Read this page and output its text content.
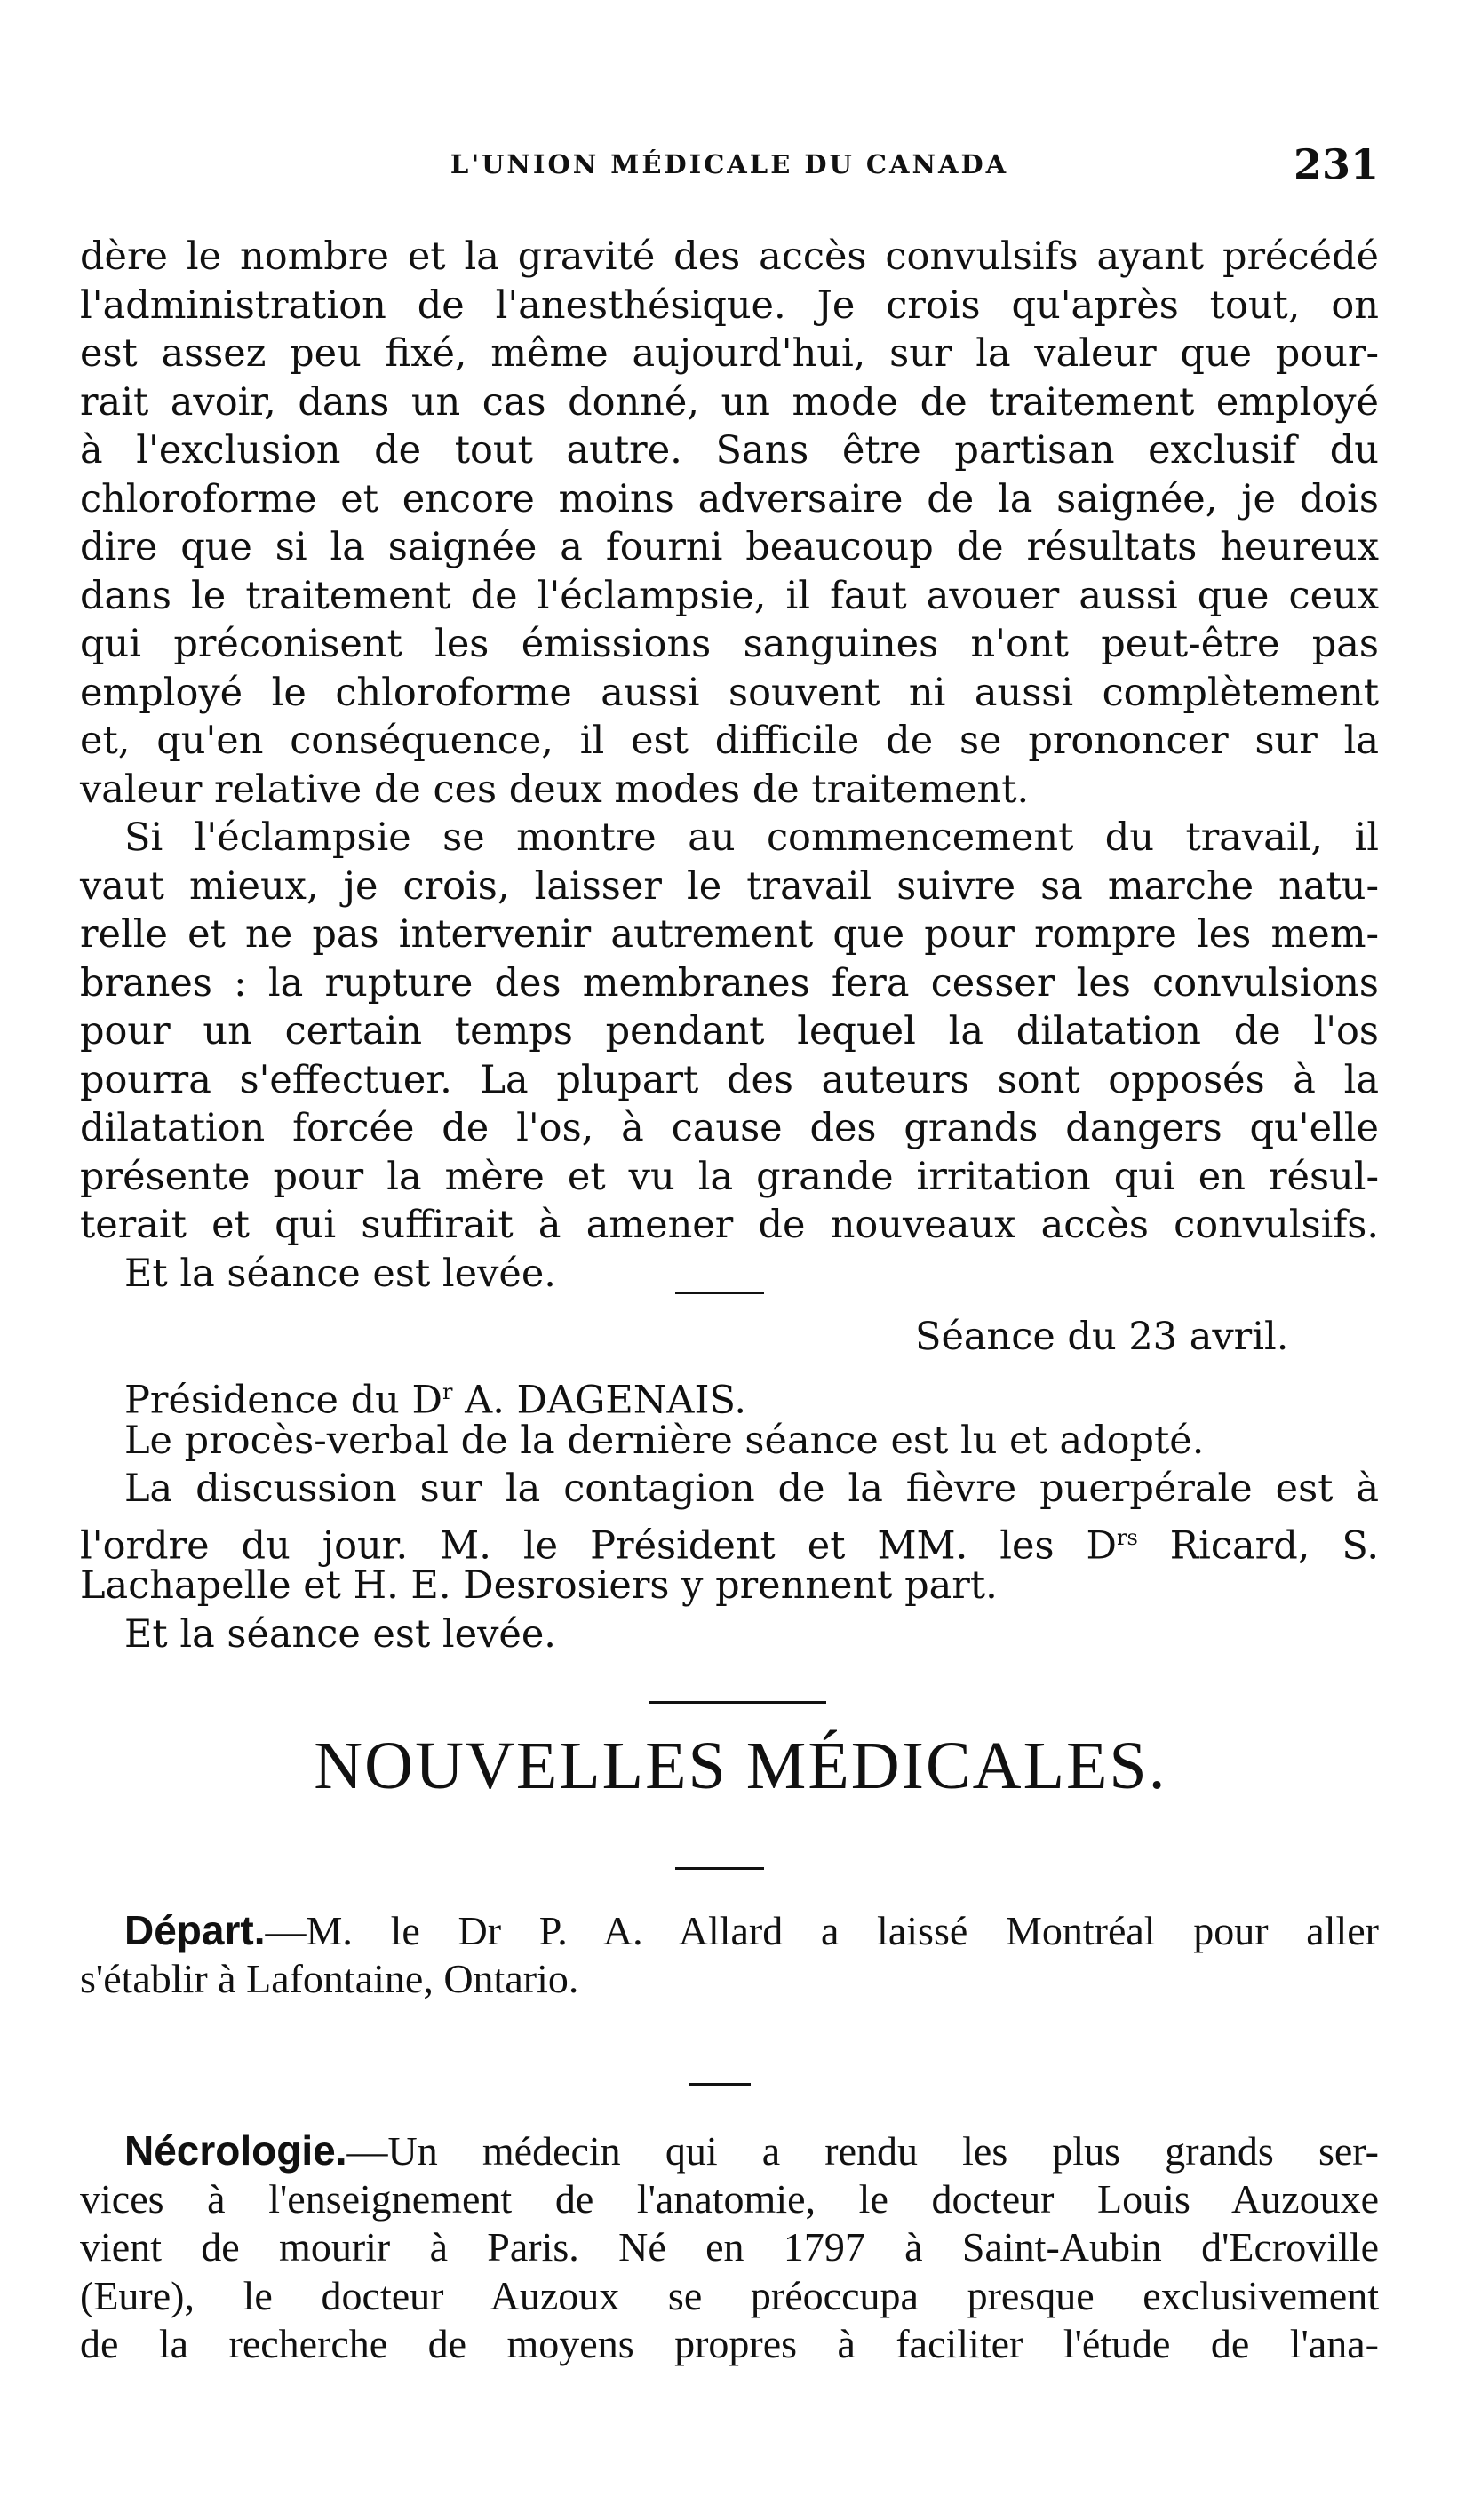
L'UNION MÉDICALE DU CANADA	231
dère le nombre et la gravité des accès convulsifs ayant précédé
l'administration de l'anesthésique. Je crois qu'après tout, on
est assez peu fixé, même aujourd'hui, sur la valeur que pour-
rait avoir, dans un cas donné, un mode de traitement employé
à l'exclusion de tout autre. Sans être partisan exclusif du
chloroforme et encore moins adversaire de la saignée, je dois
dire que si la saignée a fourni beaucoup de résultats heureux
dans le traitement de l'éclampsie, il faut avouer aussi que ceux
qui préconisent les émissions sanguines n'ont peut-être pas
employé le chloroforme aussi souvent ni aussi complètement
et, qu'en conséquence, il est difficile de se prononcer sur la
valeur relative de ces deux modes de traitement.
Si l'éclampsie se montre au commencement du travail, il
vaut mieux, je crois, laisser le travail suivre sa marche natu-
relle et ne pas intervenir autrement que pour rompre les mem-
branes : la rupture des membranes fera cesser les convulsions
pour un certain temps pendant lequel la dilatation de l'os
pourra s'effectuer. La plupart des auteurs sont opposés à la
dilatation forcée de l'os, à cause des grands dangers qu'elle
présente pour la mère et vu la grande irritation qui en résul-
terait et qui suffirait à amener de nouveaux accès convulsifs.
Et la séance est levée.
Séance du 23 avril.
Présidence du $D^r$ A. DAGENAIS.
Le procès-verbal de la dernière séance est lu et adopté.
La discussion sur la contagion de la fièvre puerpérale est à
l'ordre du jour. M. le Président et MM. les $D^{rs}$ Ricard, S.
Lachapelle et H. E. Desrosiers y prennent part.
Et la séance est levée.
NOUVELLES MÉDICALES.
Départ.—M. le Dr P. A. Allard a laissé Montréal pour aller
s'établir à Lafontaine, Ontario.
Nécrologie.—Un médecin qui a rendu les plus grands ser-
vices à l'enseignement de l'anatomie, le docteur Louis Auzouxe
vient de mourir à Paris. Né en 1797 à Saint-Aubin d'Ecroville
(Eure), le docteur Auzoux se préoccupa presque exclusivement
de la recherche de moyens propres à faciliter l'étude de l'ana-
